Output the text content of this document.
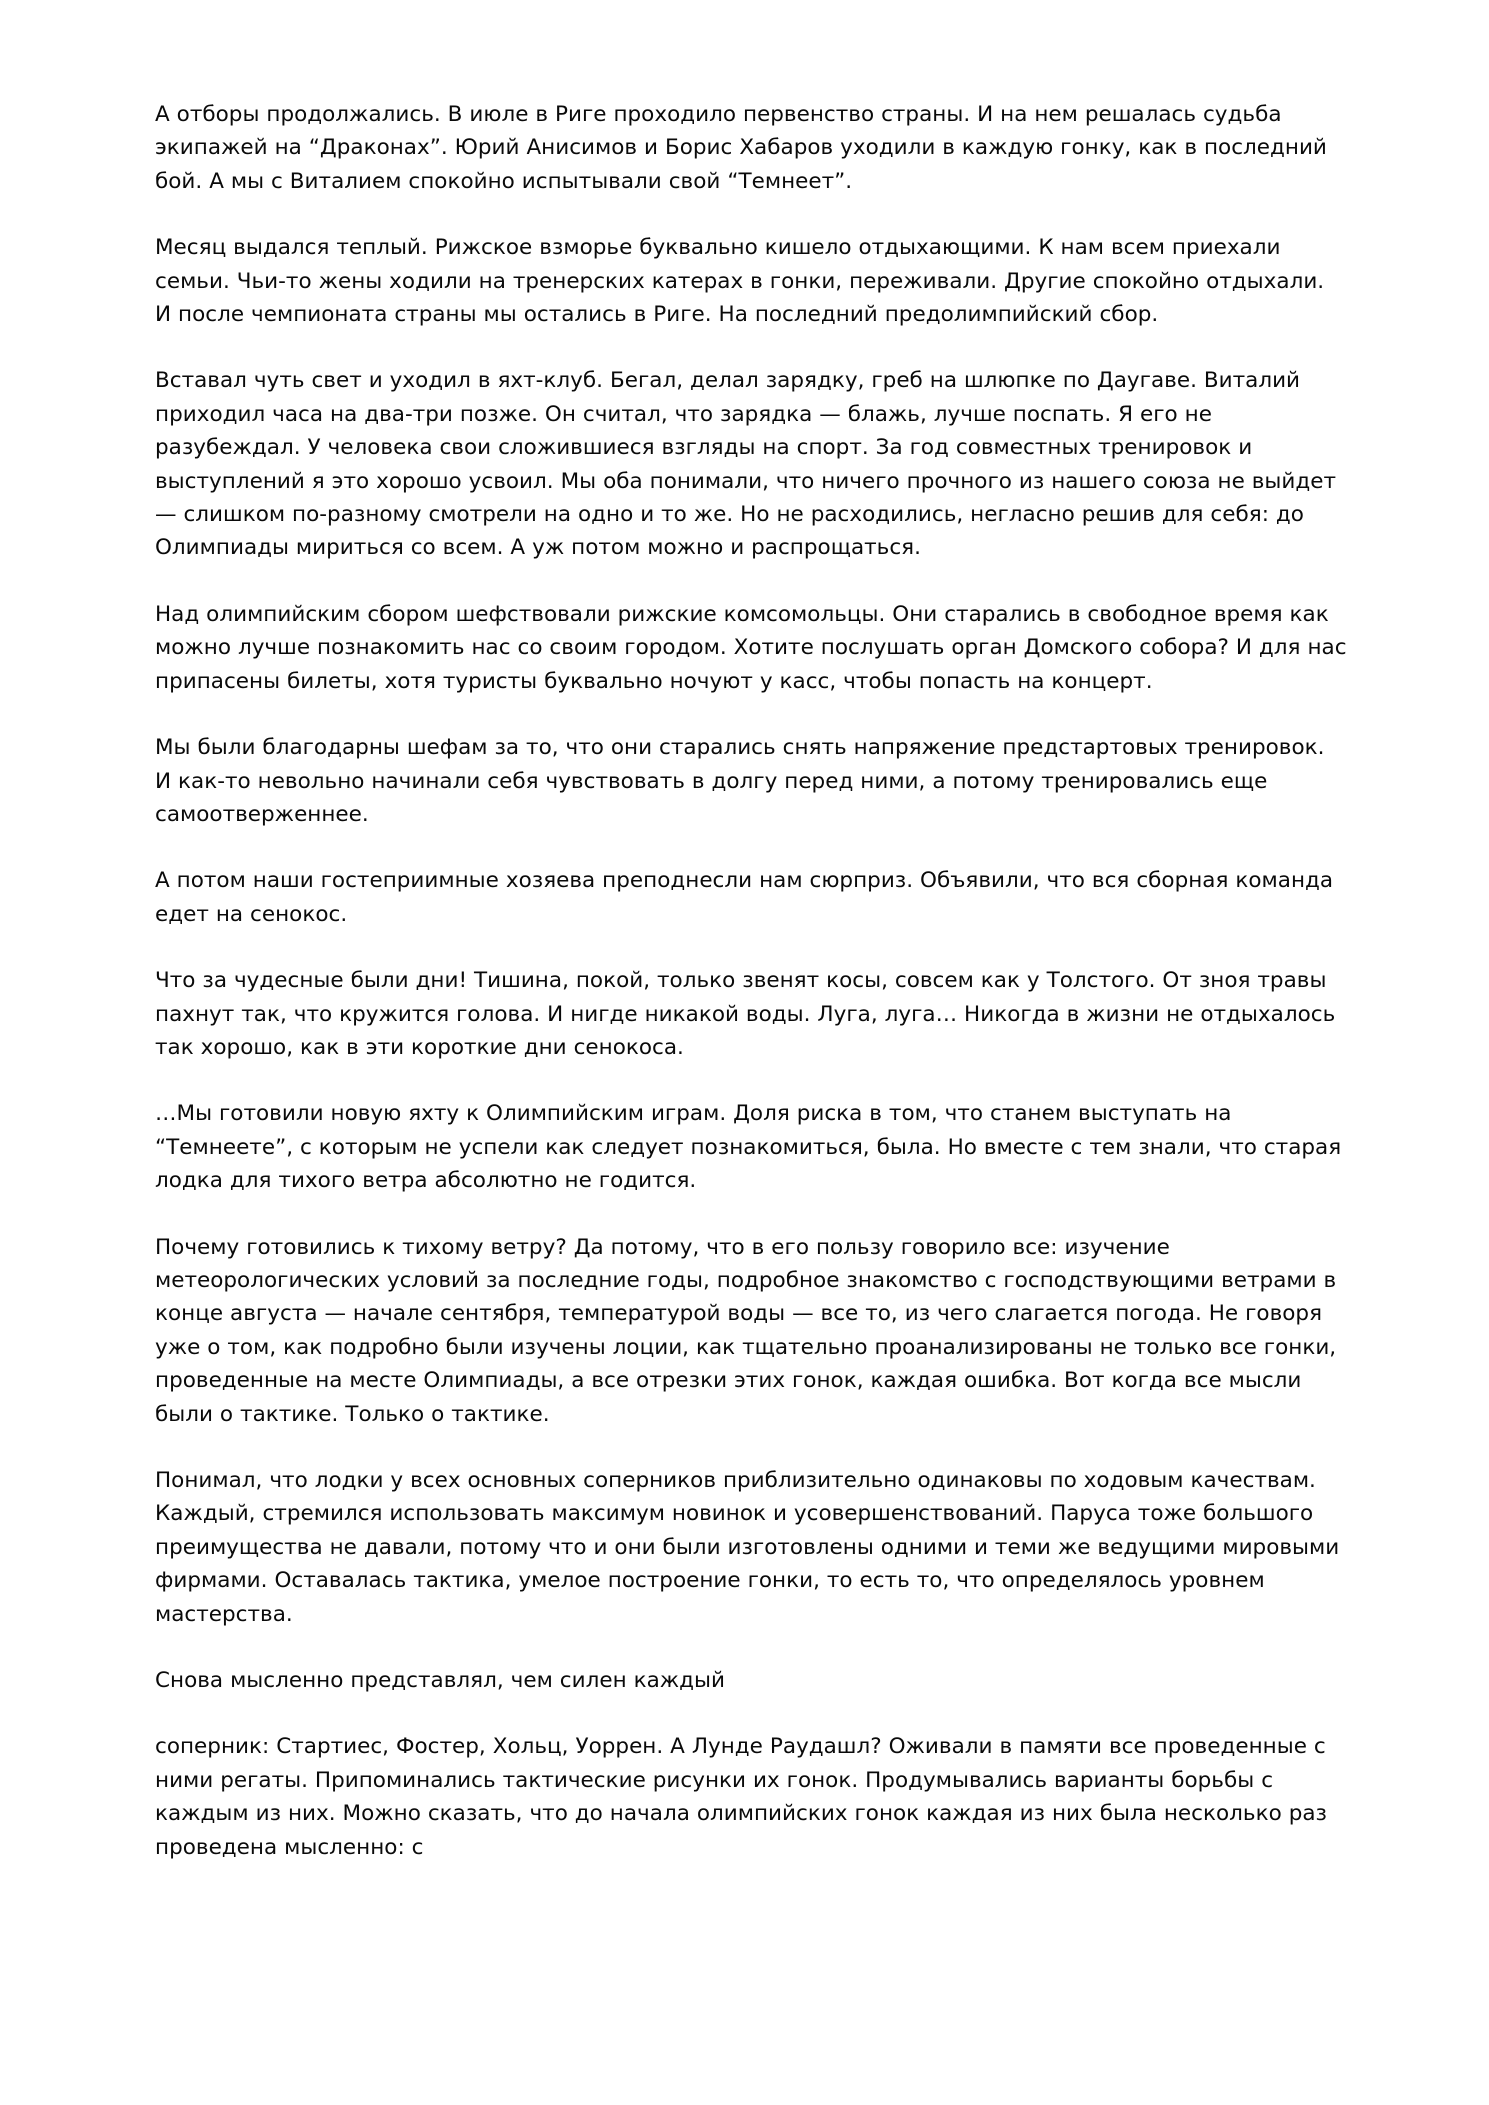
А отборы продолжались. В июле в Риге проходило первенство страны. И на нем решалась судьба экипажей на “Драконах”. Юрий Анисимов и Борис Хабаров уходили в каждую гонку, как в последний бой. А мы с Виталием спокойно испытывали свой “Темнеет”.

Месяц выдался теплый. Рижское взморье буквально кишело отдыхающими. К нам всем приехали семьи. Чьи-то жены ходили на тренерских катерах в гонки, переживали. Другие спокойно отдыхали. И после чемпионата страны мы остались в Риге. На последний предолимпийский сбор.

Вставал чуть свет и уходил в яхт-клуб. Бегал, делал зарядку, греб на шлюпке по Даугаве. Виталий приходил часа на два-три позже. Он считал, что зарядка — блажь, лучше поспать. Я его не разубеждал. У человека свои сложившиеся взгляды на спорт. За год совместных тренировок и выступлений я это хорошо усвоил. Мы оба понимали, что ничего прочного из нашего союза не выйдет — слишком по-разному смотрели на одно и то же. Но не расходились, негласно решив для себя: до Олимпиады мириться со всем. А уж потом можно и распрощаться.

Над олимпийским сбором шефствовали рижские комсомольцы. Они старались в свободное время как можно лучше познакомить нас со своим городом. Хотите послушать орган Домского собора? И для нас припасены билеты, хотя туристы буквально ночуют у касс, чтобы попасть на концерт.

Мы были благодарны шефам за то, что они старались снять напряжение предстартовых тренировок. И как-то невольно начинали себя чувствовать в долгу перед ними, а потому тренировались еще самоотверженнее.

А потом наши гостеприимные хозяева преподнесли нам сюрприз. Объявили, что вся сборная команда едет на сенокос.

Что за чудесные были дни! Тишина, покой, только звенят косы, совсем как у Толстого. От зноя травы пахнут так, что кружится голова. И нигде никакой воды. Луга, луга… Никогда в жизни не отдыхалось так хорошо, как в эти короткие дни сенокоса.

…Мы готовили новую яхту к Олимпийским играм. Доля риска в том, что станем выступать на “Темнеете”, с которым не успели как следует познакомиться, была. Но вместе с тем знали, что старая лодка для тихого ветра абсолютно не годится.

Почему готовились к тихому ветру? Да потому, что в его пользу говорило все: изучение метеорологических условий за последние годы, подробное знакомство с господствующими ветрами в конце августа — начале сентября, температурой воды — все то, из чего слагается погода. Не говоря уже о том, как подробно были изучены лоции, как тщательно проанализированы не только все гонки, проведенные на месте Олимпиады, а все отрезки этих гонок, каждая ошибка. Вот когда все мысли были о тактике. Только о тактике.

Понимал, что лодки у всех основных соперников приблизительно одинаковы по ходовым качествам. Каждый, стремился использовать максимум новинок и усовершенствований. Паруса тоже большого преимущества не давали, потому что и они были изготовлены одними и теми же ведущими мировыми фирмами. Оставалась тактика, умелое построение гонки, то есть то, что определялось уровнем мастерства.

Снова мысленно представлял, чем силен каждый

соперник: Стартиес, Фостер, Хольц, Уоррен. А Лунде Раудашл? Оживали в памяти все проведенные с ними регаты. Припоминались тактические рисунки их гонок. Продумывались варианты борьбы с каждым из них. Можно сказать, что до начала олимпийских гонок каждая из них была несколько раз проведена мысленно: с
